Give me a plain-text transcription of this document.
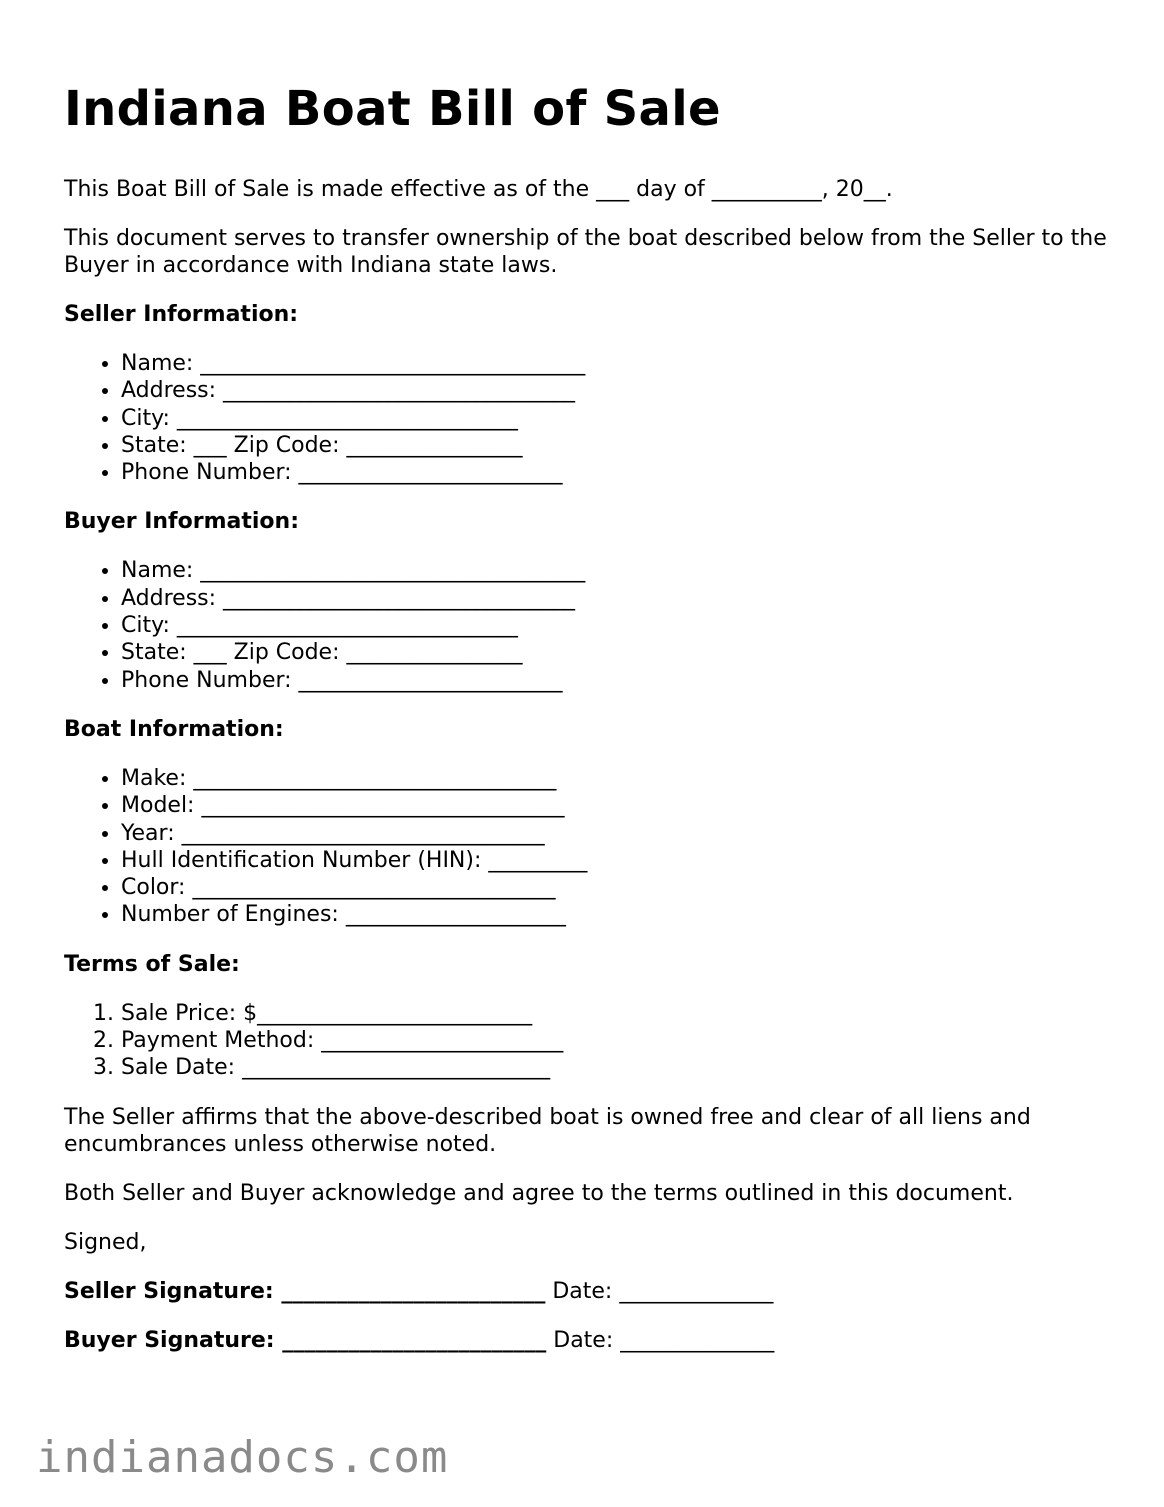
Indiana Boat Bill of Sale

This Boat Bill of Sale is made effective as of the ___ day of __________, 20__.

This document serves to transfer ownership of the boat described below from the Seller to the Buyer in accordance with Indiana state laws.

Seller Information:

• Name: ___________________________________
• Address: ________________________________
• City: _______________________________
• State: ___ Zip Code: ________________
• Phone Number: ________________________

Buyer Information:

• Name: ___________________________________
• Address: ________________________________
• City: _______________________________
• State: ___ Zip Code: ________________
• Phone Number: ________________________

Boat Information:

• Make: _________________________________
• Model: _________________________________
• Year: _________________________________
• Hull Identification Number (HIN): _________
• Color: _________________________________
• Number of Engines: ____________________

Terms of Sale:

1. Sale Price: $_________________________
2. Payment Method: ______________________
3. Sale Date: ____________________________

The Seller affirms that the above-described boat is owned free and clear of all liens and encumbrances unless otherwise noted.

Both Seller and Buyer acknowledge and agree to the terms outlined in this document.

Signed,

Seller Signature: ________________________ Date: ______________

Buyer Signature: ________________________ Date: ______________

indianadocs.com
